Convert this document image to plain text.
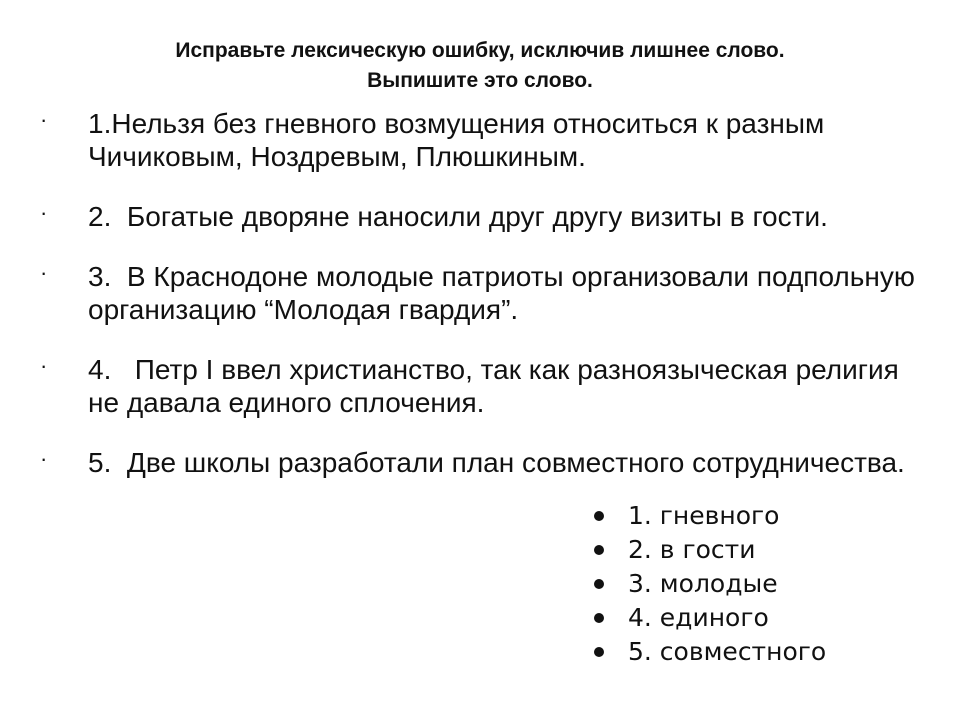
Исправьте лексическую ошибку, исключив лишнее слово.
Выпишите это слово.
·	1.Нельзя без гневного возмущения относиться к разным Чичиковым, Ноздревым, Плюшкиным.
·	2.  Богатые дворяне наносили друг другу визиты в гости.
·	3.  В Краснодоне молодые патриоты организовали подпольную организацию “Молодая гвардия”.
·	4.   Петр I ввел христианство, так как разноязыческая религия не давала единого сплочения.
·	5.  Две школы разработали план совместного сотрудничества.
1. гневного
2. в гости
3. молодые
4. единого
5. совместного
